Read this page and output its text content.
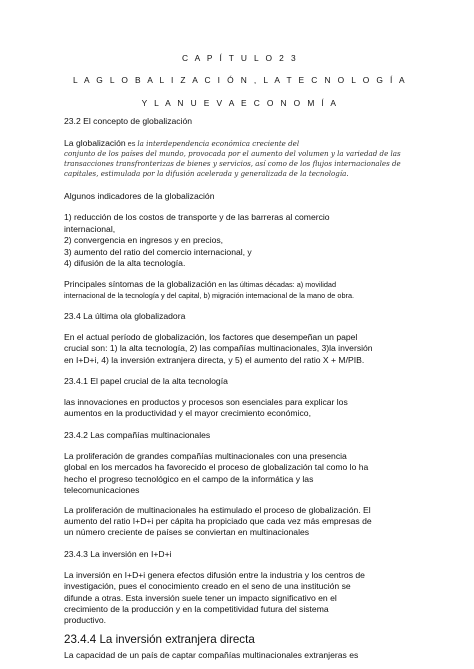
C A P Í T U L O 2 3
L A G L O B A L I Z A C I Ó N , L A T E C N O L O G Í A
Y L A N U E V A E C O N O M Í A
23.2 El concepto de globalización
La globalización es la interdependencia económica creciente del
conjunto de los países del mundo, provocada por el aumento del volumen y la variedad de las
transacciones transfronterizas de bienes y servicios, así como de los flujos internacionales de
capitales, estimulada por la difusión acelerada y generalizada de la tecnología.
Algunos indicadores de la globalización
1) reducción de los costos de transporte y de las barreras al comercio
internacional,
2) convergencia en ingresos y en precios,
3) aumento del ratio del comercio internacional, y
4) difusión de la alta tecnología.
Principales síntomas de la globalización en las últimas décadas: a) movilidad
internacional de la tecnología y del capital, b) migración internacional de la mano de obra.
23.4 La última ola globalizadora
En el actual período de globalización, los factores que desempeñan un papel
crucial son: 1) la alta tecnología, 2) las compañías multinacionales, 3)la inversión
en I+D+i, 4) la inversión extranjera directa, y 5) el aumento del ratio X + M/PIB.
23.4.1 El papel crucial de la alta tecnología
las innovaciones en productos y procesos son esenciales para explicar los
aumentos en la productividad y el mayor crecimiento económico,
23.4.2 Las compañías multinacionales
La proliferación de grandes compañías multinacionales con una presencia
global en los mercados ha favorecido el proceso de globalización tal como lo ha
hecho el progreso tecnológico en el campo de la informática y las
telecomunicaciones
La proliferación de multinacionales ha estimulado el proceso de globalización. El
aumento del ratio I+D+i per cápita ha propiciado que cada vez más empresas de
un número creciente de países se conviertan en multinacionales
23.4.3 La inversión en I+D+i
La inversión en I+D+i genera efectos difusión entre la industria y los centros de
investigación, pues el conocimiento creado en el seno de una institución se
difunde a otras. Esta inversión suele tener un impacto significativo en el
crecimiento de la producción y en la competitividad futura del sistema
productivo.
23.4.4 La inversión extranjera directa
La capacidad de un país de captar compañías multinacionales extranjeras es
